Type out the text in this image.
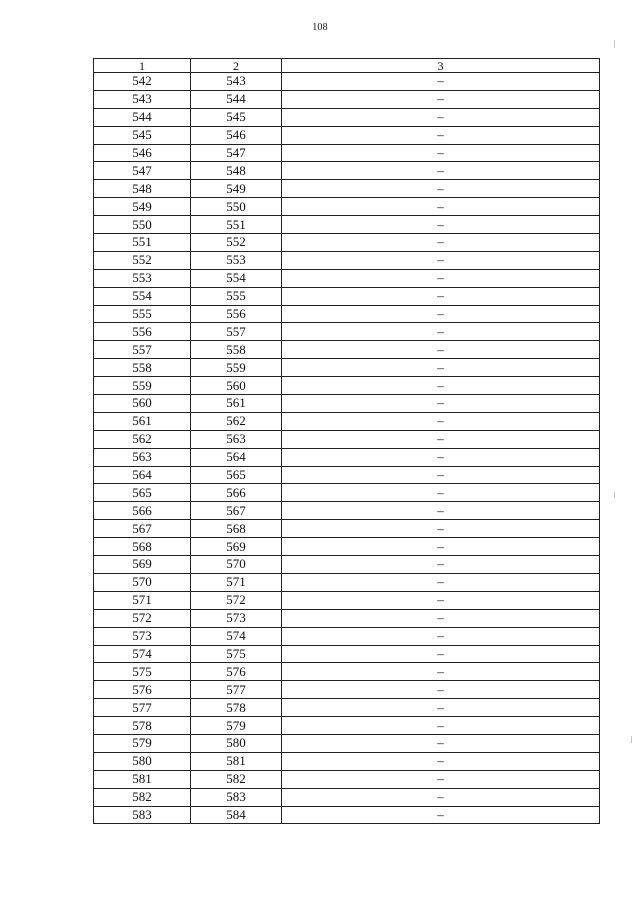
108
1	2	3
542	543	–
543	544	–
544	545	–
545	546	–
546	547	–
547	548	–
548	549	–
549	550	–
550	551	–
551	552	–
552	553	–
553	554	–
554	555	–
555	556	–
556	557	–
557	558	–
558	559	–
559	560	–
560	561	–
561	562	–
562	563	–
563	564	–
564	565	–
565	566	–
566	567	–
567	568	–
568	569	–
569	570	–
570	571	–
571	572	–
572	573	–
573	574	–
574	575	–
575	576	–
576	577	–
577	578	–
578	579	–
579	580	–
580	581	–
581	582	–
582	583	–
583	584	–
